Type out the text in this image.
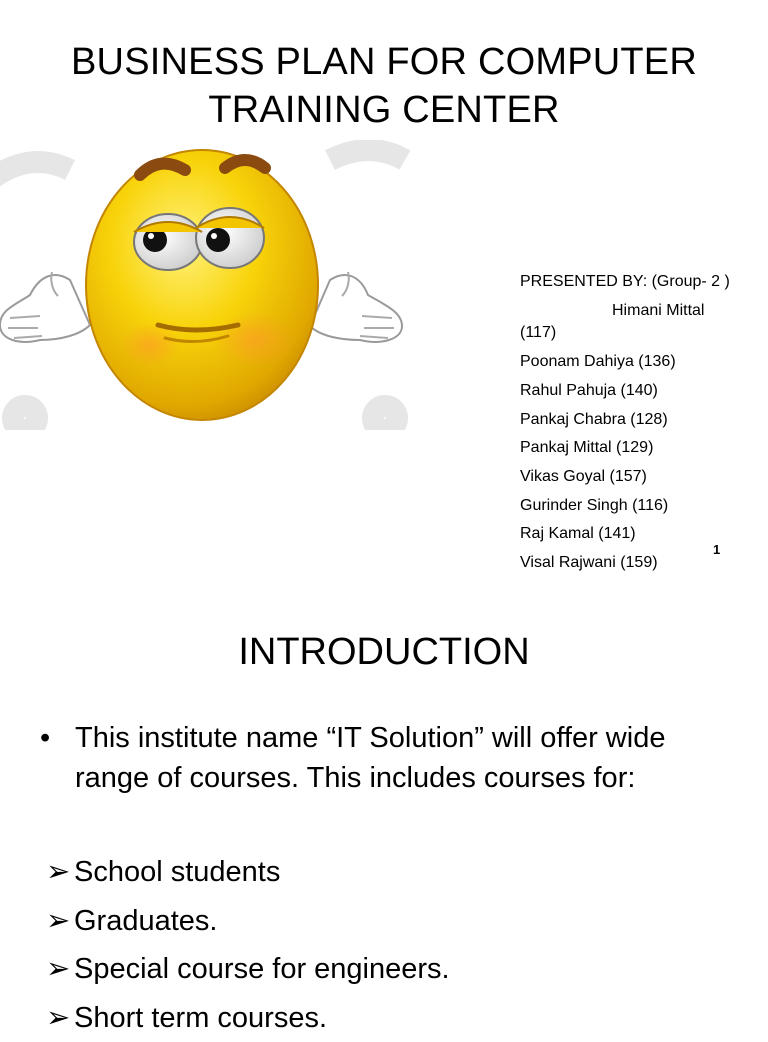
BUSINESS PLAN FOR COMPUTER
TRAINING CENTER
PRESENTED BY: (Group- 2 )
Himani Mittal
(117)
Poonam Dahiya (136)
Rahul Pahuja (140)
Pankaj Chabra (128)
Pankaj Mittal (129)
Vikas Goyal (157)
Gurinder Singh (116)
Raj Kamal (141)
Visal Rajwani (159)
1
INTRODUCTION
• This institute name “IT Solution” will offer wide range of courses. This includes courses for:
➢ School students
➢ Graduates.
➢ Special course for engineers.
➢ Short term courses.
